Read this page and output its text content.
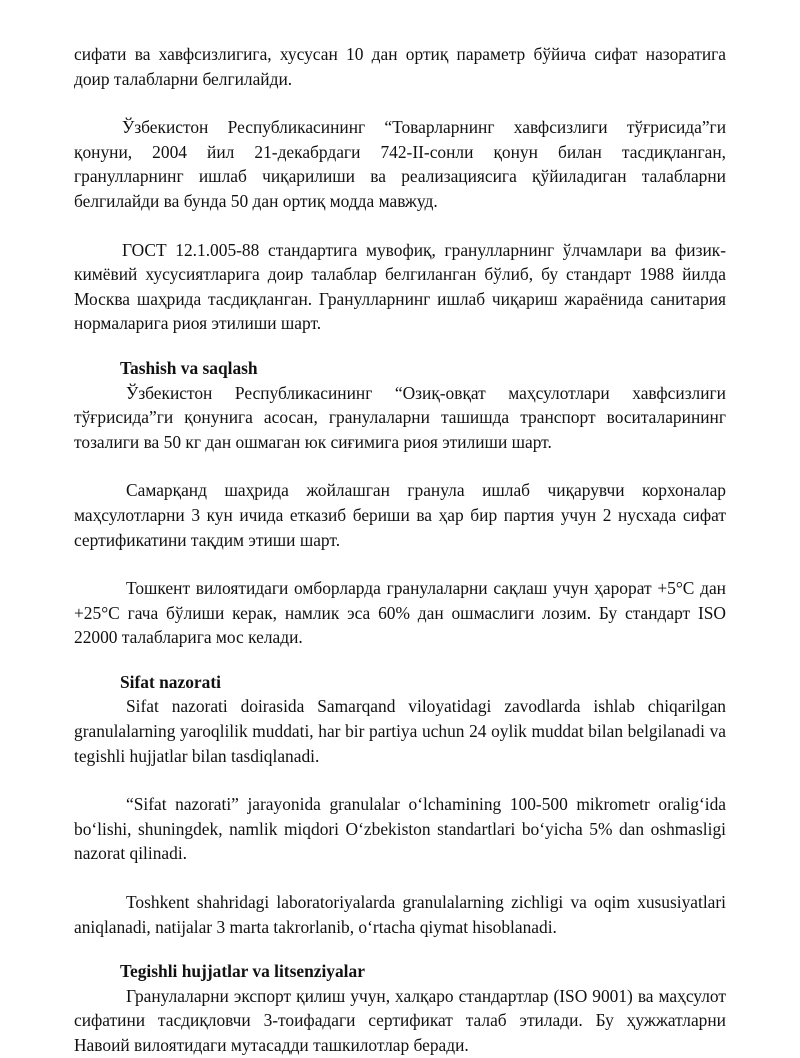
сифати ва хавфсизлигига, хусусан 10 дан ортиқ параметр бўйича сифат назоратига доир талабларни белгилайди.

Ўзбекистон Республикасининг “Товарларнинг хавфсизлиги тўғрисида”ги қонуни, 2004 йил 21-декабрдаги 742-II-сонли қонун билан тасдиқланган, гранулларнинг ишлаб чиқарилиши ва реализациясига қўйиладиган талабларни белгилайди ва бунда 50 дан ортиқ модда мавжуд.

ГОСТ 12.1.005-88 стандартига мувофиқ, гранулларнинг ўлчамлари ва физик-кимёвий хусусиятларига доир талаблар белгиланган бўлиб, бу стандарт 1988 йилда Москва шаҳрида тасдиқланган. Гранулларнинг ишлаб чиқариш жараёнида санитария нормаларига риоя этилиши шарт.

Tashish va saqlash

Ўзбекистон Республикасининг “Озиқ-овқат маҳсулотлари хавфсизлиги тўғрисида”ги қонунига асосан, гранулаларни ташишда транспорт воситаларининг тозалиги ва 50 кг дан ошмаган юк сиғимига риоя этилиши шарт.

Самарқанд шаҳрида жойлашган гранула ишлаб чиқарувчи корхоналар маҳсулотларни 3 кун ичида етказиб бериши ва ҳар бир партия учун 2 нусхада сифат сертификатини тақдим этиши шарт.

Тошкент вилоятидаги омборларда гранулаларни сақлаш учун ҳарорат +5°C дан +25°C гача бўлиши керак, намлик эса 60% дан ошмаслиги лозим. Бу стандарт ISO 22000 талабларига мос келади.

Sifat nazorati

Sifat nazorati doirasida Samarqand viloyatidagi zavodlarda ishlab chiqarilgan granulalarning yaroqlilik muddati, har bir partiya uchun 24 oylik muddat bilan belgilanadi va tegishli hujjatlar bilan tasdiqlanadi.

“Sifat nazorati” jarayonida granulalar oʻlchamining 100-500 mikrometr oraligʻida boʻlishi, shuningdek, namlik miqdori Oʻzbekiston standartlari boʻyicha 5% dan oshmasligi nazorat qilinadi.

Toshkent shahridagi laboratoriyalarda granulalarning zichligi va oqim xususiyatlari aniqlanadi, natijalar 3 marta takrorlanib, oʻrtacha qiymat hisoblanadi.

Tegishli hujjatlar va litsenziyalar

Гранулаларни экспорт қилиш учун, халқаро стандартлар (ISO 9001) ва маҳсулот сифатини тасдиқловчи 3-тоифадаги сертификат талаб этилади. Бу ҳужжатларни Навоий вилоятидаги мутасадди ташкилотлар беради.
